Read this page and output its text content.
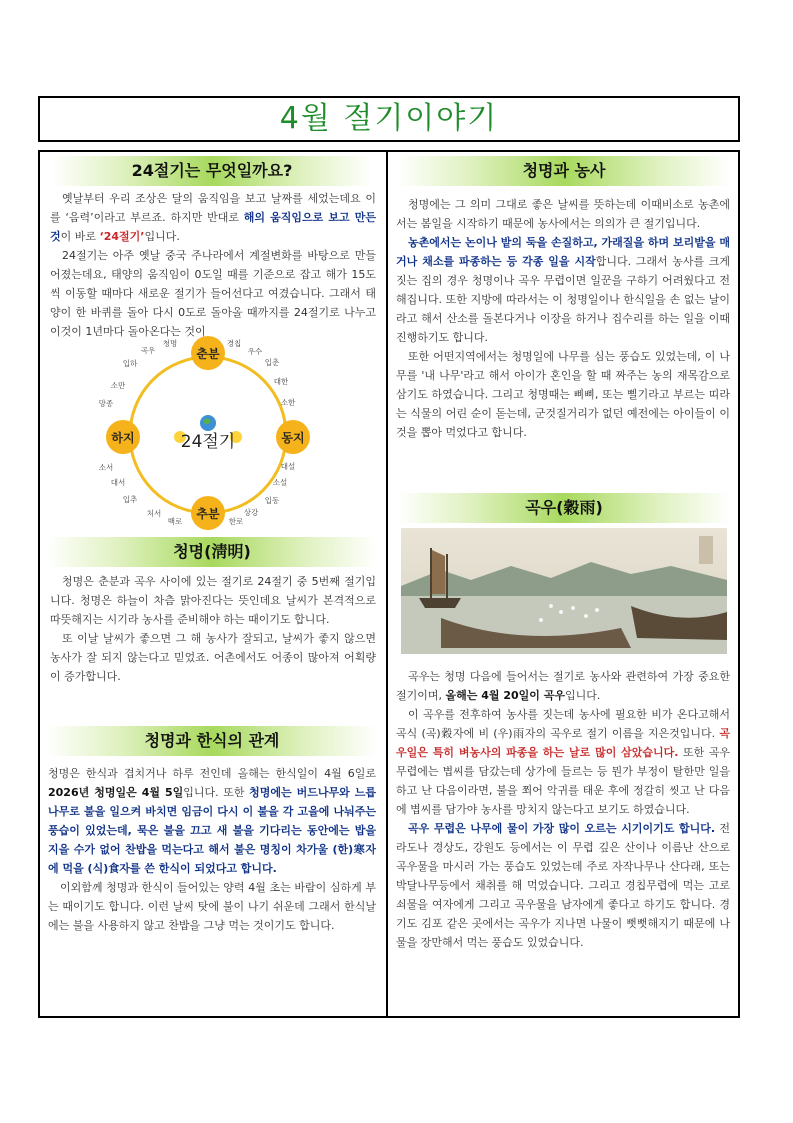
4월 절기이야기
24절기는 무엇일까요?

옛날부터 우리 조상은 달의 움직임을 보고 날짜를 세었는데요 이를 ‘음력’이라고 부르죠. 하지만 반대로 해의 움직임으로 보고 만든 것이 바로 ‘24절기’입니다.

24절기는 아주 옛날 중국 주나라에서 계절변화를 바탕으로 만들어졌는데요, 태양의 움직임이 0도일 때를 기준으로 잡고 해가 15도씩 이동할 때마다 새로운 절기가 들어선다고 여겼습니다. 그래서 태양이 한 바퀴를 돌아 다시 0도로 돌아올 때까지를 24절기로 나누고 이것이 1년마다 돌아온다는 것이

24절기
춘분
동지
추분
하지
경칩
우수
입춘
대한
소한
대설
소설
입동
상강
한로
백로
처서
입추
대서
소서
망종
소만
입하
곡우
청명
청명(淸明)

청명은 춘분과 곡우 사이에 있는 절기로 24절기 중 5번째 절기입니다. 청명은 하늘이 차츰 맑아진다는 뜻인데요 날씨가 본격적으로 따뜻해지는 시기라 농사를 준비해야 하는 때이기도 합니다.

또 이날 날씨가 좋으면 그 해 농사가 잘되고, 날씨가 좋지 않으면 농사가 잘 되지 않는다고 믿었죠. 어촌에서도 어종이 많아져 어획량이 증가합니다.

청명과 한식의 관계

청명은 한식과 겹치거나 하루 전인데 올해는 한식일이 4월 6일로 2026년 청명일은 4월 5일입니다. 또한 청명에는 버드나무와 느릅나무로 불을 일으켜 바치면 임금이 다시 이 불을 각 고을에 나눠주는 풍습이 있었는데, 묵은 불을 끄고 새 불을 기다리는 동안에는 밥을 지을 수가 없어 찬밥을 먹는다고 해서 불은 명칭이 차가울 (한)寒자에 먹을 (식)食자를 쓴 한식이 되었다고 합니다.

이외함께 청명과 한식이 들어있는 양력 4월 초는 바람이 심하게 부는 때이기도 합니다. 이런 날씨 탓에 불이 나기 쉬운데 그래서 한식날에는 불을 사용하지 않고 찬밥을 그냥 먹는 것이기도 합니다.

청명과 농사

청명에는 그 의미 그대로 좋은 날씨를 뜻하는데 이때비소로 농촌에서는 봄일을 시작하기 때문에 농사에서는 의의가 큰 절기입니다.

농촌에서는 논이나 밭의 둑을 손질하고, 가래질을 하며 보리밭을 매거나 채소를 파종하는 등 각종 일을 시작합니다. 그래서 농사를 크게 짓는 집의 경우 청명이나 곡우 무렵이면 일꾼을 구하기 어려웠다고 전해집니다. 또한 지방에 따라서는 이 청명일이나 한식일을 손 없는 날이라고 해서 산소를 돌본다거나 이장을 하거나 집수리를 하는 일을 이때 진행하기도 합니다.

또한 어떤지역에서는 청명일에 나무를 심는 풍습도 있었는데, 이 나무를 '내 나무'라고 해서 아이가 혼인을 할 때 짜주는 농의 재목감으로 삼기도 하였습니다. 그리고 청명때는 삐삐, 또는 삘기라고 부르는 띠라는 식물의 어린 순이 돋는데, 군것질거리가 없던 예전에는 아이들이 이것을 뽑아 먹었다고 합니다.

곡우(穀雨)

곡우는 청명 다음에 들어서는 절기로 농사와 관련하여 가장 중요한 절기이며, 올해는 4월 20일이 곡우입니다.

이 곡우를 전후하여 농사를 짓는데 농사에 필요한 비가 온다고해서 곡식 (곡)穀자에 비 (우)雨자의 곡우로 절기 이름을 지은것입니다. 곡우일은 특히 벼농사의 파종을 하는 날로 많이 삼았습니다. 또한 곡우 무렵에는 볍씨를 담갔는데 상가에 들르는 등 뭔가 부정이 탈한만 일을 하고 난 다음이라면, 불을 쬐어 악귀를 태운 후에 정갈히 씻고 난 다음에 볍씨를 담가야 농사를 망치지 않는다고 보기도 하였습니다.

곡우 무렵은 나무에 물이 가장 많이 오르는 시기이기도 합니다. 전라도나 경상도, 강원도 등에서는 이 무렵 깊은 산이나 이름난 산으로 곡우물을 마시러 가는 풍습도 있었는데 주로 자작나무나 산다래, 또는 박달나무등에서 채취를 해 먹었습니다. 그리고 경칩무렵에 먹는 고로쇠물을 여자에게 그리고 곡우물을 남자에게 좋다고 하기도 합니다. 경기도 김포 같은 곳에서는 곡우가 지나면 나물이 뻣뻣해지기 때문에 나물을 장만해서 먹는 풍습도 있었습니다.
